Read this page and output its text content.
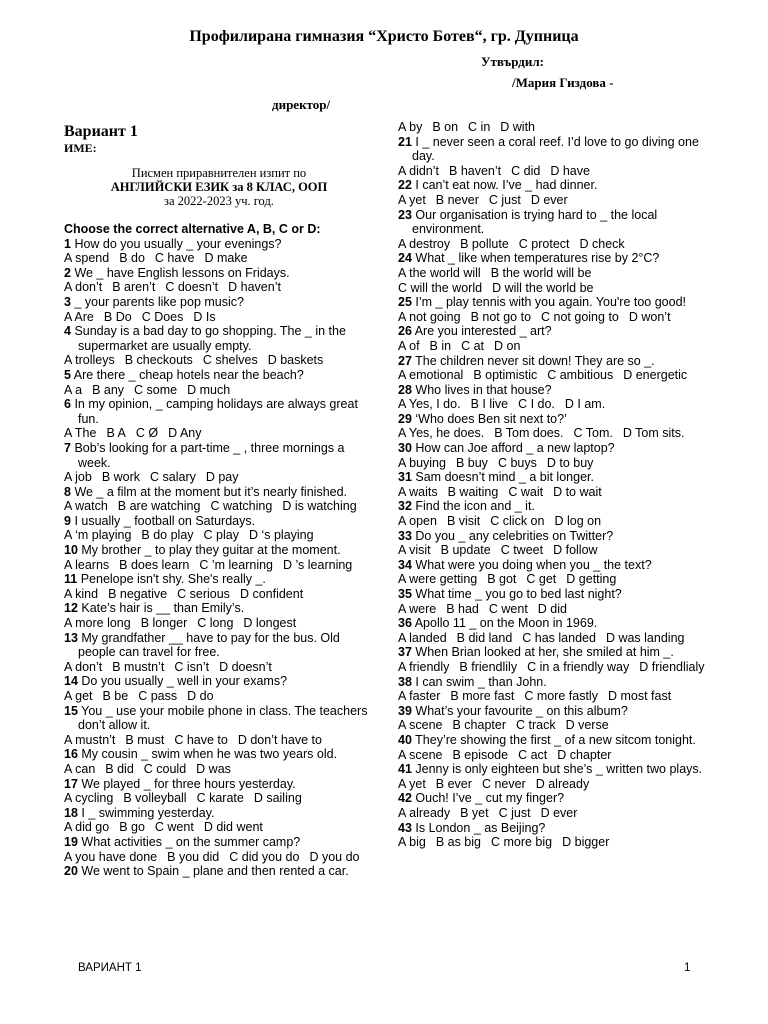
Профилирана гимназия “Христо Ботев“, гр. Дупница
Утвърдил:
/Мария Гиздова -
директор/
Вариант 1
ИМЕ:
Писмен приравнителен изпит по
АНГЛИЙСКИ ЕЗИК за 8 КЛАС, ООП
за 2022-2023 уч. год.
Choose the correct alternative A, B, C or D:
1 How do you usually _ your evenings?
A spend B do C have D make
2 We _ have English lessons on Fridays.
A don’t B aren’t C doesn’t D haven’t
3 _ your parents like pop music?
A Are B Do C Does D Is
4 Sunday is a bad day to go shopping. The _ in the supermarket are usually empty.
A trolleys B checkouts C shelves D baskets
5 Are there _ cheap hotels near the beach?
A a B any C some D much
6 In my opinion, _ camping holidays are always great fun.
A The B A C Ø D Any
7 Bob’s looking for a part-time _ , three mornings a week.
A job B work C salary D pay
8 We _ a film at the moment but it’s nearly finished.
A watch B are watching C watching D is watching
9 I usually _ football on Saturdays.
A ‘m playing B do play C play D ‘s playing
10 My brother _ to play they guitar at the moment.
A learns B does learn C ’m learning D ’s learning
11 Penelope isn't shy. She's really _.
A kind B negative C serious D confident
12 Kate’s hair is __ than Emily’s.
A more long B longer C long D longest
13 My grandfather __ have to pay for the bus. Old people can travel for free.
A don’t B mustn’t C isn’t D doesn’t
14 Do you usually _ well in your exams?
A get B be C pass D do
15 You _ use your mobile phone in class. The teachers don’t allow it.
A mustn’t B must C have to D don’t have to
16 My cousin _ swim when he was two years old.
A can B did C could D was
17 We played _ for three hours yesterday.
A cycling B volleyball C karate D sailing
18 I _ swimming yesterday.
A did go B go C went D did went
19 What activities _ on the summer camp?
A you have done B you did C did you do D you do
20 We went to Spain _ plane and then rented a car.
A by B on C in D with
21 I _ never seen a coral reef. I’d love to go diving one day.
A didn’t B haven’t C did D have
22 I can’t eat now. I’ve _ had dinner.
A yet B never C just D ever
23 Our organisation is trying hard to _ the local environment.
A destroy B pollute C protect D check
24 What _ like when temperatures rise by 2°C?
A the world will B the world will be
C will the world D will the world be
25 I’m _ play tennis with you again. You're too good!
A not going B not go to C not going to D won’t
26 Are you interested _ art?
A of B in C at D on
27 The children never sit down! They are so _.
A emotional B optimistic C ambitious D energetic
28 Who lives in that house?
A Yes, I do. B I live C I do. D I am.
29 ‘Who does Ben sit next to?’
A Yes, he does. B Tom does. C Tom. D Tom sits.
30 How can Joe afford _ a new laptop?
A buying B buy C buys D to buy
31 Sam doesn’t mind _ a bit longer.
A waits B waiting C wait D to wait
32 Find the icon and _ it.
A open B visit C click on D log on
33 Do you _ any celebrities on Twitter?
A visit B update C tweet D follow
34 What were you doing when you _ the text?
A were getting B got C get D getting
35 What time _ you go to bed last night?
A were B had C went D did
36 Apollo 11 _ on the Moon in 1969.
A landed B did land C has landed D was landing
37 When Brian looked at her, she smiled at him _.
A friendly B friendlily C in a friendly way D friendlialy
38 I can swim _ than John.
A faster B more fast C more fastly D most fast
39 What’s your favourite _ on this album?
A scene B chapter C track D verse
40 They’re showing the first _ of a new sitcom tonight.
A scene B episode C act D chapter
41 Jenny is only eighteen but she’s _ written two plays.
A yet B ever C never D already
42 Ouch! I’ve _ cut my finger?
A already B yet C just D ever
43 Is London _ as Beijing?
A big B as big C more big D bigger
ВАРИАНТ 1	1
